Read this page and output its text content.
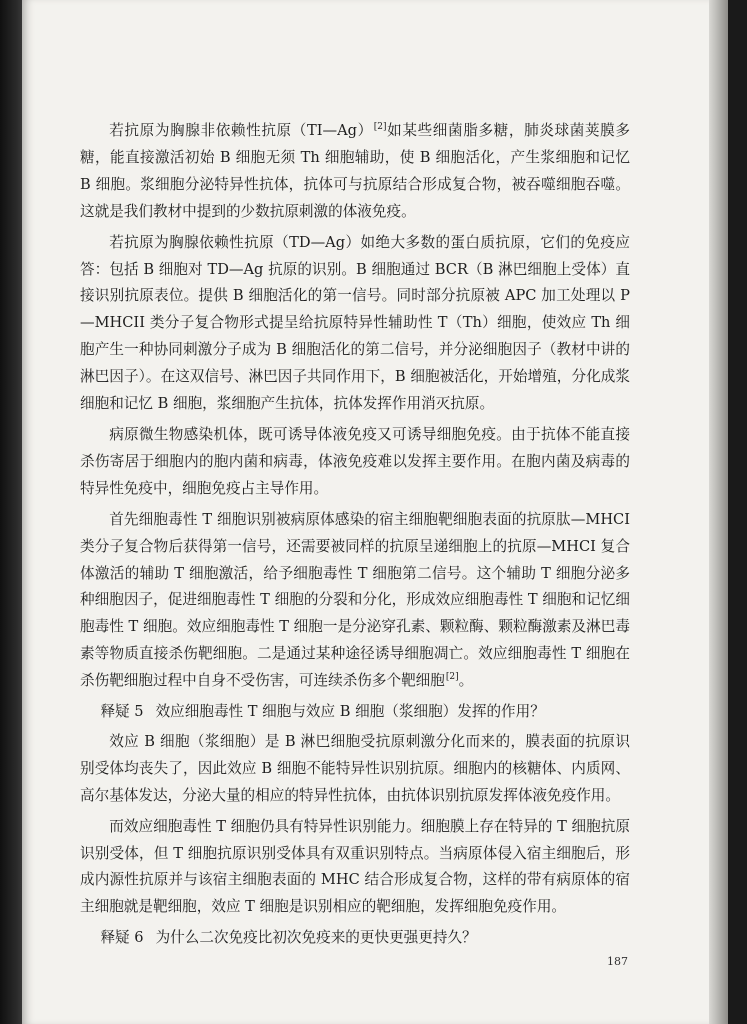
若抗原为胸腺非依赖性抗原（TI—Ag）[2]如某些细菌脂多糖，肺炎球菌荚膜多糖，能直接激活初始 B 细胞无须 Th 细胞辅助，使 B 细胞活化，产生浆细胞和记忆 B 细胞。浆细胞分泌特异性抗体，抗体可与抗原结合形成复合物，被吞噬细胞吞噬。这就是我们教材中提到的少数抗原刺激的体液免疫。

若抗原为胸腺依赖性抗原（TD—Ag）如绝大多数的蛋白质抗原，它们的免疫应答：包括 B 细胞对 TD—Ag 抗原的识别。B 细胞通过 BCR（B 淋巴细胞上受体）直接识别抗原表位。提供 B 细胞活化的第一信号。同时部分抗原被 APC 加工处理以 P—MHCII 类分子复合物形式提呈给抗原特异性辅助性 T（Th）细胞，使效应 Th 细胞产生一种协同刺激分子成为 B 细胞活化的第二信号，并分泌细胞因子（教材中讲的淋巴因子）。在这双信号、淋巴因子共同作用下，B 细胞被活化，开始增殖，分化成浆细胞和记忆 B 细胞，浆细胞产生抗体，抗体发挥作用消灭抗原。

病原微生物感染机体，既可诱导体液免疫又可诱导细胞免疫。由于抗体不能直接杀伤寄居于细胞内的胞内菌和病毒，体液免疫难以发挥主要作用。在胞内菌及病毒的特异性免疫中，细胞免疫占主导作用。

首先细胞毒性 T 细胞识别被病原体感染的宿主细胞靶细胞表面的抗原肽—MHCI 类分子复合物后获得第一信号，还需要被同样的抗原呈递细胞上的抗原—MHCI 复合体激活的辅助 T 细胞激活，给予细胞毒性 T 细胞第二信号。这个辅助 T 细胞分泌多种细胞因子，促进细胞毒性 T 细胞的分裂和分化，形成效应细胞毒性 T 细胞和记忆细胞毒性 T 细胞。效应细胞毒性 T 细胞一是分泌穿孔素、颗粒酶、颗粒酶激素及淋巴毒素等物质直接杀伤靶细胞。二是通过某种途径诱导细胞凋亡。效应细胞毒性 T 细胞在杀伤靶细胞过程中自身不受伤害，可连续杀伤多个靶细胞[2]。

释疑 5 效应细胞毒性 T 细胞与效应 B 细胞（浆细胞）发挥的作用？

效应 B 细胞（浆细胞）是 B 淋巴细胞受抗原刺激分化而来的，膜表面的抗原识别受体均丧失了，因此效应 B 细胞不能特异性识别抗原。细胞内的核糖体、内质网、高尔基体发达，分泌大量的相应的特异性抗体，由抗体识别抗原发挥体液免疫作用。

而效应细胞毒性 T 细胞仍具有特异性识别能力。细胞膜上存在特异的 T 细胞抗原识别受体，但 T 细胞抗原识别受体具有双重识别特点。当病原体侵入宿主细胞后，形成内源性抗原并与该宿主细胞表面的 MHC 结合形成复合物，这样的带有病原体的宿主细胞就是靶细胞，效应 T 细胞是识别相应的靶细胞，发挥细胞免疫作用。

释疑 6 为什么二次免疫比初次免疫来的更快更强更持久？

187
